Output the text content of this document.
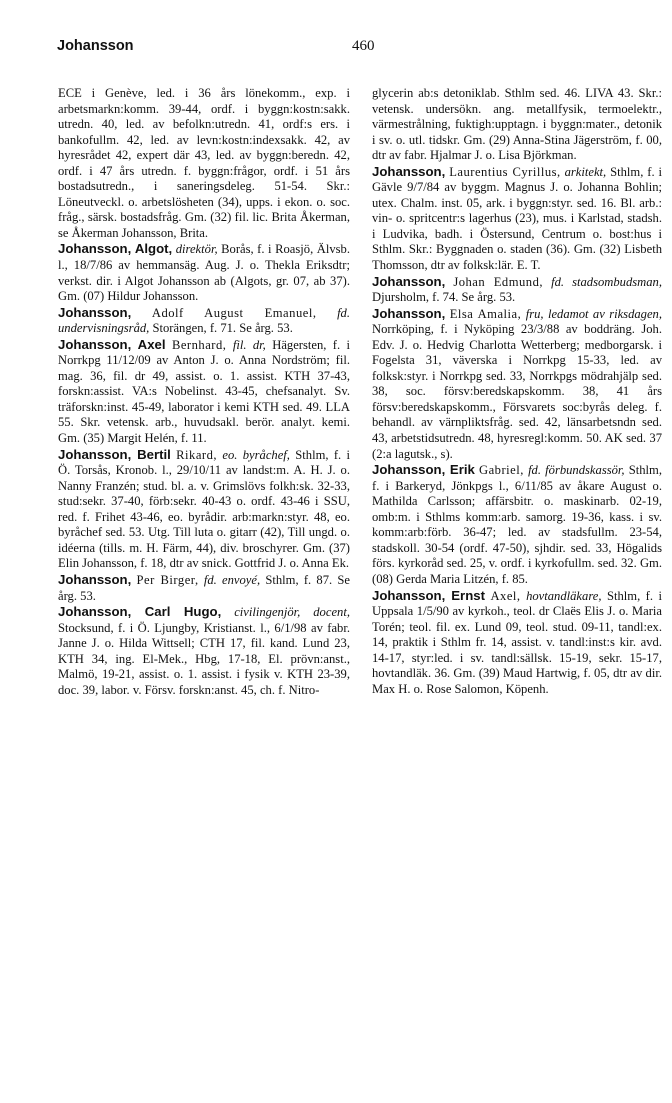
Johansson	460

ECE i Genève, led. i 36 års lönekomm., exp. i arbetsmarkn:komm. 39-44, ordf. i byggn:kostn:sakk. utredn. 40, led. av befolkn:utredn. 41, ordf:s ers. i bankofullm. 42, led. av levn:kostn:indexsakk. 42, av hyresrådet 42, expert där 43, led. av byggn:beredn. 42, ordf. i 47 års utredn. f. byggn:frågor, ordf. i 51 års bostadsutredn., i saneringsdeleg. 51-54. Skr.: Löneutveckl. o. arbetslösheten (34), upps. i ekon. o. soc. fråg., särsk. bostadsfråg. Gm. (32) fil. lic. Brita Åkerman, se Åkerman Johansson, Brita.

Johansson, Algot, direktör, Borås, f. i Roasjö, Älvsb. l., 18/7/86 av hemmansäg. Aug. J. o. Thekla Eriksdtr; verkst. dir. i Algot Johansson ab (Algots, gr. 07, ab 37). Gm. (07) Hildur Johansson.

Johansson, Adolf August Emanuel, fd. undervisningsråd, Storängen, f. 71. Se årg. 53.

Johansson, Axel Bernhard, fil. dr, Hägersten, f. i Norrkpg 11/12/09 av Anton J. o. Anna Nordström; fil. mag. 36, fil. dr 49, assist. o. 1. assist. KTH 37-43, forskn:assist. VA:s Nobelinst. 43-45, chefsanalyt. Sv. träforskn:inst. 45-49, laborator i kemi KTH sed. 49. LLA 55. Skr. vetensk. arb., huvudsakl. berör. analyt. kemi. Gm. (35) Margit Helén, f. 11.

Johansson, Bertil Rikard, eo. byråchef, Sthlm, f. i Ö. Torsås, Kronob. l., 29/10/11 av landst:m. A. H. J. o. Nanny Franzén; stud. bl. a. v. Grimslövs folkh:sk. 32-33, stud:sekr. 37-40, förb:sekr. 40-43 o. ordf. 43-46 i SSU, red. f. Frihet 43-46, eo. byrådir. arb:markn:styr. 48, eo. byråchef sed. 53. Utg. Till luta o. gitarr (42), Till ungd. o. idéerna (tills. m. H. Färm, 44), div. broschyrer. Gm. (37) Elin Johansson, f. 18, dtr av snick. Gottfrid J. o. Anna Ek.

Johansson, Per Birger, fd. envoyé, Sthlm, f. 87. Se årg. 53.

Johansson, Carl Hugo, civilingenjör, docent, Stocksund, f. i Ö. Ljungby, Kristianst. l., 6/1/98 av fabr. Janne J. o. Hilda Wittsell; CTH 17, fil. kand. Lund 23, KTH 34, ing. El-Mek., Hbg, 17-18, El. prövn:anst., Malmö, 19-21, assist. o. 1. assist. i fysik v. KTH 23-39, doc. 39, labor. v. Försv. forskn:anst. 45, ch. f. Nitro-

glycerin ab:s detoniklab. Sthlm sed. 46. LIVA 43. Skr.: vetensk. undersökn. ang. metallfysik, termoelektr., värmestrålning, fuktigh:upptagn. i byggn:mater., detonik i sv. o. utl. tidskr. Gm. (29) Anna-Stina Jägerström, f. 00, dtr av fabr. Hjalmar J. o. Lisa Björkman.

Johansson, Laurentius Cyrillus, arkitekt, Sthlm, f. i Gävle 9/7/84 av byggm. Magnus J. o. Johanna Bohlin; utex. Chalm. inst. 05, ark. i byggn:styr. sed. 16. Bl. arb.: vin- o. spritcentr:s lagerhus (23), mus. i Karlstad, stadsh. i Ludvika, badh. i Östersund, Centrum o. bost:hus i Sthlm. Skr.: Byggnaden o. staden (36). Gm. (32) Lisbeth Thomsson, dtr av folksk:lär. E. T.

Johansson, Johan Edmund, fd. stadsombudsman, Djursholm, f. 74. Se årg. 53.

Johansson, Elsa Amalia, fru, ledamot av riksdagen, Norrköping, f. i Nyköping 23/3/88 av boddräng. Joh. Edv. J. o. Hedvig Charlotta Wetterberg; medborgarsk. i Fogelsta 31, väverska i Norrkpg 15-33, led. av folksk:styr. i Norrkpg sed. 33, Norrkpgs mödrahjälp sed. 38, soc. försv:beredskapskomm. 38, 41 års försv:beredskapskomm., Försvarets soc:byrås deleg. f. behandl. av värnpliktsfråg. sed. 42, länsarbetsndn sed. 43, arbetstidsutredn. 48, hyresregl:komm. 50. AK sed. 37 (2:a lagutsk., s).

Johansson, Erik Gabriel, fd. förbundskassör, Sthlm, f. i Barkeryd, Jönkpgs l., 6/11/85 av åkare August o. Mathilda Carlsson; affärsbitr. o. maskinarb. 02-19, omb:m. i Sthlms komm:arb. samorg. 19-36, kass. i sv. komm:arb:förb. 36-47; led. av stadsfullm. 23-54, stadskoll. 30-54 (ordf. 47-50), sjhdir. sed. 33, Högalids förs. kyrkoråd sed. 25, v. ordf. i kyrkofullm. sed. 32. Gm. (08) Gerda Maria Litzén, f. 85.

Johansson, Ernst Axel, hovtandläkare, Sthlm, f. i Uppsala 1/5/90 av kyrkoh., teol. dr Claës Elis J. o. Maria Torén; teol. fil. ex. Lund 09, teol. stud. 09-11, tandl:ex. 14, praktik i Sthlm fr. 14, assist. v. tandl:inst:s kir. avd. 14-17, styr:led. i sv. tandl:sällsk. 15-19, sekr. 15-17, hovtandläk. 36. Gm. (39) Maud Hartwig, f. 05, dtr av dir. Max H. o. Rose Salomon, Köpenh.
